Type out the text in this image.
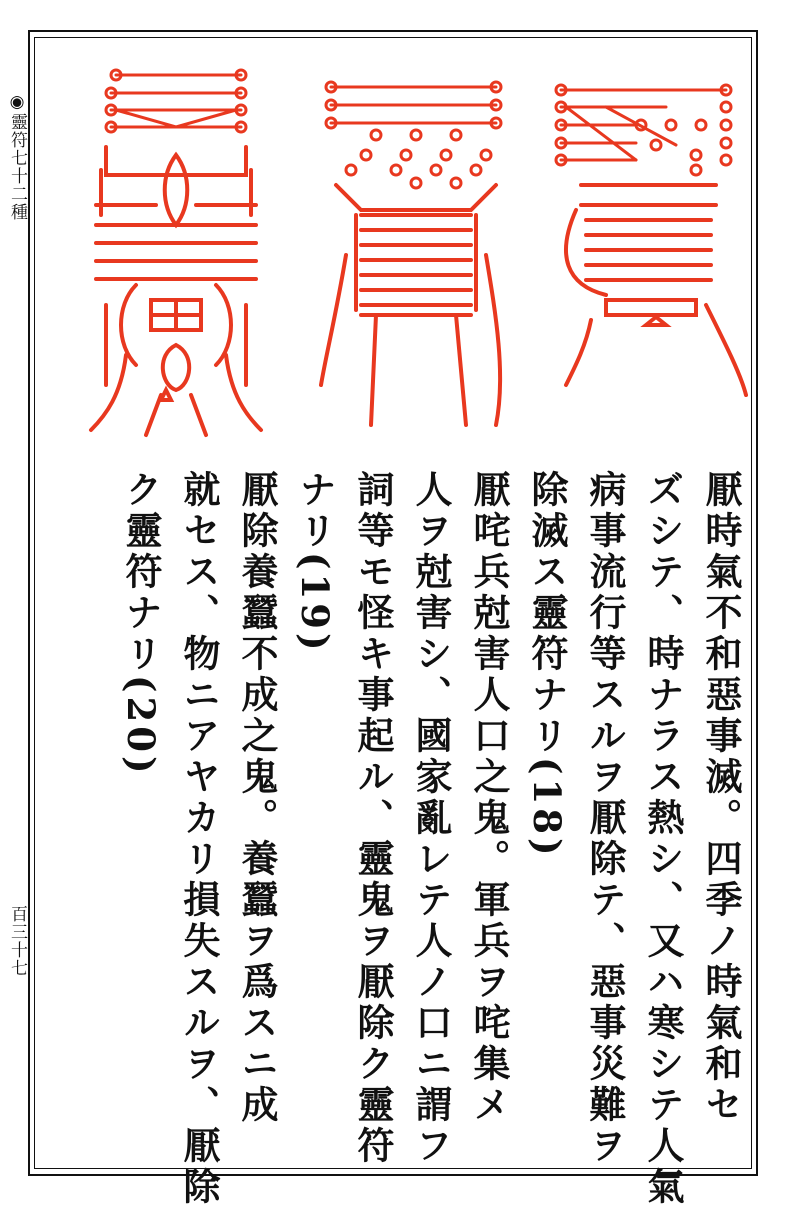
◉靈符七十二種
百三十七	厭時氣不和惡事滅。四季ノ時氣和セ
ズシテ、時ナラス熱シ、又ハ寒シテ人氣
病事流行等スルヲ厭除テ、惡事災難ヲ
除滅ス靈符ナリ(18)
厭咤兵尅害人口之鬼。軍兵ヲ咤集メ
人ヲ尅害シ、國家亂レテ人ノ口ニ謂フ
詞等モ怪キ事起ル、靈鬼ヲ厭除ク靈符
ナリ(19)
厭除養蠶不成之鬼。養蠶ヲ爲スニ成
就セス、物ニアヤカリ損失スルヲ、厭除
ク靈符ナリ(20)
